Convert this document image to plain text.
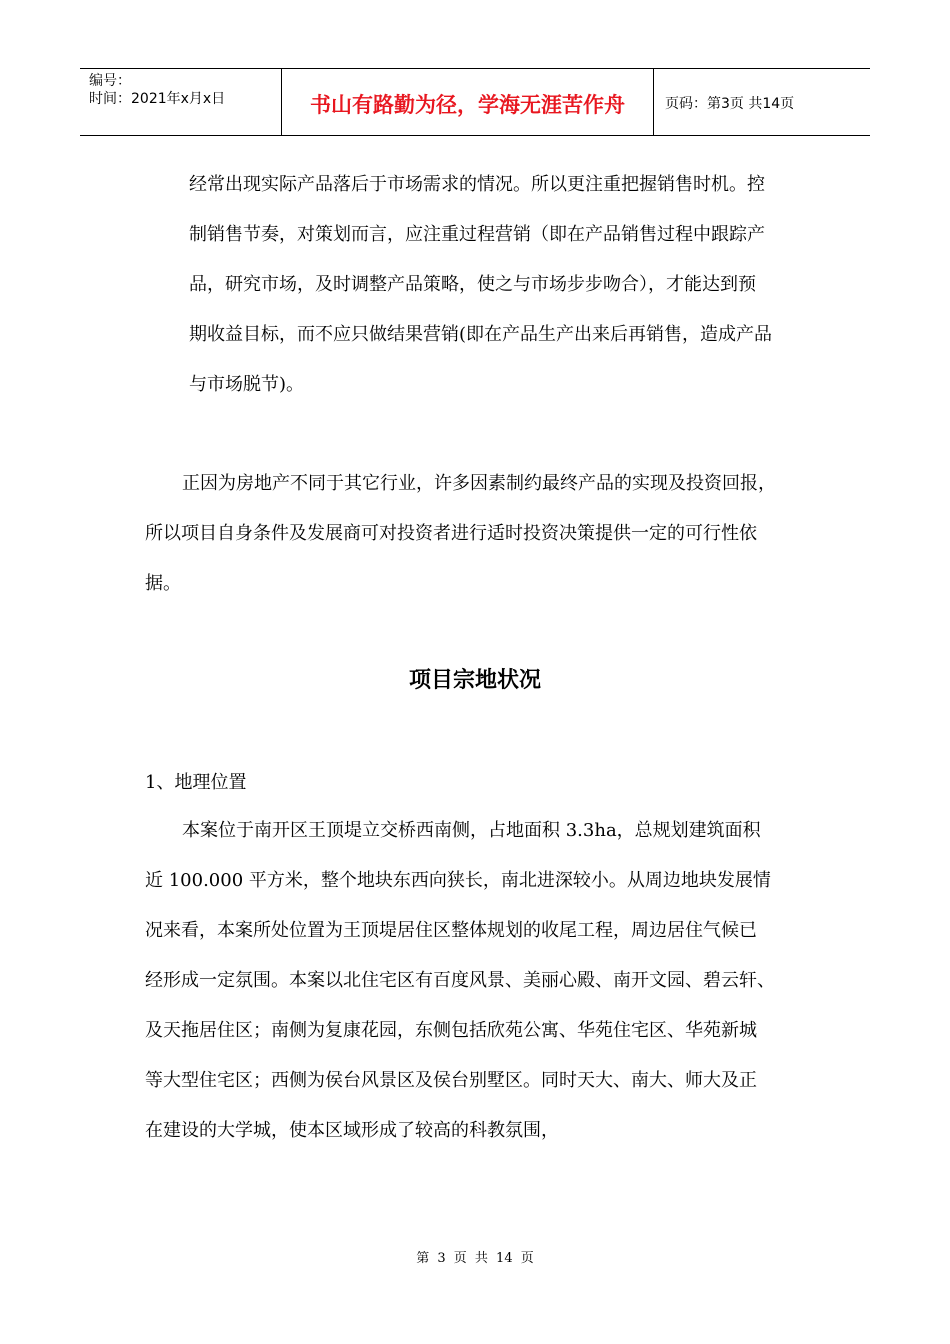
编号：
时间：2021年x月x日	书山有路勤为径，学海无涯苦作舟	页码：第3页 共14页
经常出现实际产品落后于市场需求的情况。所以更注重把握销售时机。控
制销售节奏，对策划而言，应注重过程营销（即在产品销售过程中跟踪产
品，研究市场，及时调整产品策略，使之与市场步步吻合），才能达到预
期收益目标，而不应只做结果营销(即在产品生产出来后再销售，造成产品
与市场脱节)。
正因为房地产不同于其它行业，许多因素制约最终产品的实现及投资回报，
所以项目自身条件及发展商可对投资者进行适时投资决策提供一定的可行性依
据。
项目宗地状况
1、地理位置
本案位于南开区王顶堤立交桥西南侧，占地面积 3.3ha，总规划建筑面积
近 100.000 平方米，整个地块东西向狭长，南北进深较小。从周边地块发展情
况来看，本案所处位置为王顶堤居住区整体规划的收尾工程，周边居住气候已
经形成一定氛围。本案以北住宅区有百度风景、美丽心殿、南开文园、碧云轩、
及天拖居住区；南侧为复康花园，东侧包括欣苑公寓、华苑住宅区、华苑新城
等大型住宅区；西侧为侯台风景区及侯台别墅区。同时天大、南大、师大及正
在建设的大学城，使本区域形成了较高的科教氛围，
第 3 页 共 14 页
